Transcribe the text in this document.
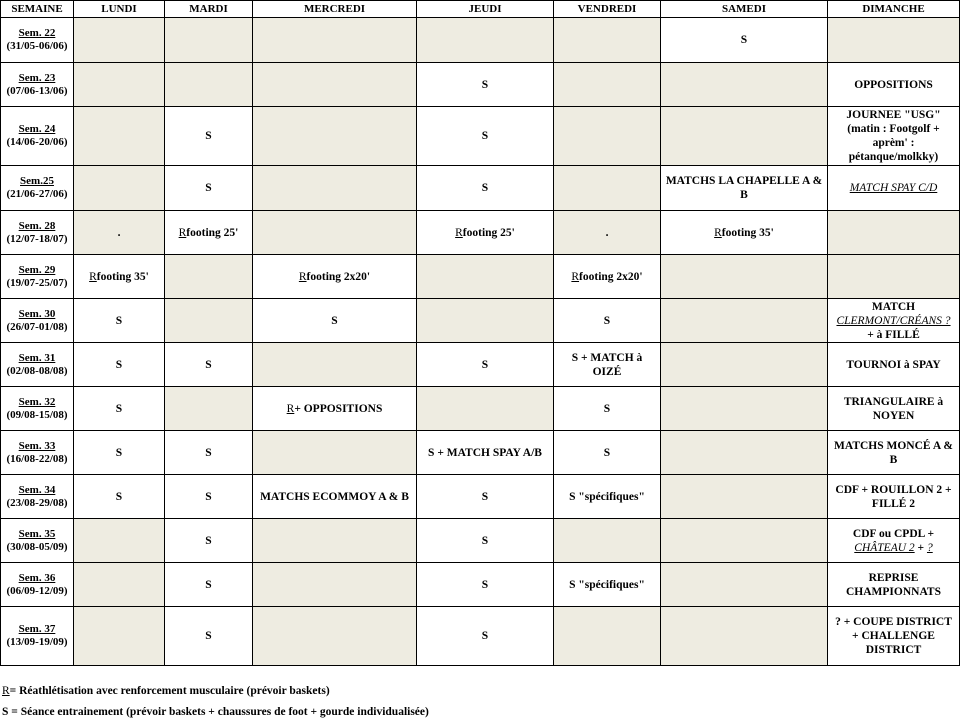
SEMAINE	LUNDI	MARDI	MERCREDI	JEUDI	VENDREDI	SAMEDI	DIMANCHE
Sem. 22
(31/05-06/06)						S	
Sem. 23
(07/06-13/06)				S			OPPOSITIONS
Sem. 24
(14/06-20/06)		S		S			JOURNEE "USG"
(matin : Footgolf +
aprèm' :
pétanque/molkky)
Sem.25
(21/06-27/06)		S		S		MATCHS LA CHAPELLE A & B	MATCH SPAY C/D
Sem. 28
(12/07-18/07)	.	Rfooting 25'		Rfooting 25'	.	Rfooting 35'	
Sem. 29
(19/07-25/07)	Rfooting 35'		Rfooting 2x20'		Rfooting 2x20'		
Sem. 30
(26/07-01/08)	S		S		S		MATCH
CLERMONT/CRÉANS ?
+ à FILLÉ
Sem. 31
(02/08-08/08)	S	S		S	S + MATCH à OIZÉ		TOURNOI à SPAY
Sem. 32
(09/08-15/08)	S		R+ OPPOSITIONS		S		TRIANGULAIRE à NOYEN
Sem. 33
(16/08-22/08)	S	S		S + MATCH SPAY A/B	S		MATCHS MONCÉ A & B
Sem. 34
(23/08-29/08)	S	S	MATCHS ECOMMOY A & B	S	S "spécifiques"		CDF + ROUILLON 2 + FILLÉ 2
Sem. 35
(30/08-05/09)		S		S			CDF ou CPDL +
CHÂTEAU 2 + ?
Sem. 36
(06/09-12/09)		S		S	S "spécifiques"		REPRISE CHAMPIONNATS
Sem. 37
(13/09-19/09)		S		S			? + COUPE DISTRICT
+ CHALLENGE
DISTRICT
R= Réathlétisation avec renforcement musculaire (prévoir baskets)
S = Séance entrainement (prévoir baskets + chaussures de foot + gourde individualisée)
